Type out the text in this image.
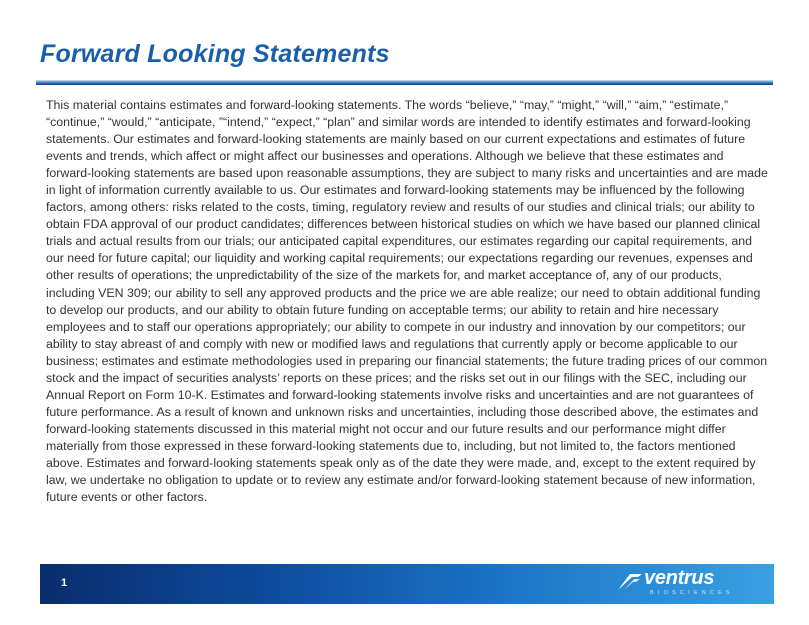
Forward Looking Statements

This material contains estimates and forward-looking statements. The words “believe,” “may,” “might,” “will,” “aim,” “estimate,” “continue,” “would,” “anticipate, ”“intend,” “expect,” “plan” and similar words are intended to identify estimates and forward-looking statements. Our estimates and forward-looking statements are mainly based on our current expectations and estimates of future events and trends, which affect or might affect our businesses and operations. Although we believe that these estimates and forward-looking statements are based upon reasonable assumptions, they are subject to many risks and uncertainties and are made in light of information currently available to us. Our estimates and forward-looking statements may be influenced by the following factors, among others: risks related to the costs, timing, regulatory review and results of our studies and clinical trials; our ability to obtain FDA approval of our product candidates; differences between historical studies on which we have based our planned clinical trials and actual results from our trials; our anticipated capital expenditures, our estimates regarding our capital requirements, and our need for future capital; our liquidity and working capital requirements; our expectations regarding our revenues, expenses and other results of operations; the unpredictability of the size of the markets for, and market acceptance of, any of our products, including VEN 309; our ability to sell any approved products and the price we are able realize; our need to obtain additional funding to develop our products, and our ability to obtain future funding on acceptable terms; our ability to retain and hire necessary employees and to staff our operations appropriately; our ability to compete in our industry and innovation by our competitors; our ability to stay abreast of and comply with new or modified laws and regulations that currently apply or become applicable to our business; estimates and estimate methodologies used in preparing our financial statements; the future trading prices of our common stock and the impact of securities analysts’ reports on these prices; and the risks set out in our filings with the SEC, including our Annual Report on Form 10-K. Estimates and forward-looking statements involve risks and uncertainties and are not guarantees of future performance. As a result of known and unknown risks and uncertainties, including those described above, the estimates and forward-looking statements discussed in this material might not occur and our future results and our performance might differ materially from those expressed in these forward-looking statements due to, including, but not limited to, the factors mentioned above. Estimates and forward-looking statements speak only as of the date they were made, and, except to the extent required by law, we undertake no obligation to update or to review any estimate and/or forward-looking statement because of new information, future events or other factors.

1	ventrus
BIOSCIENCES
